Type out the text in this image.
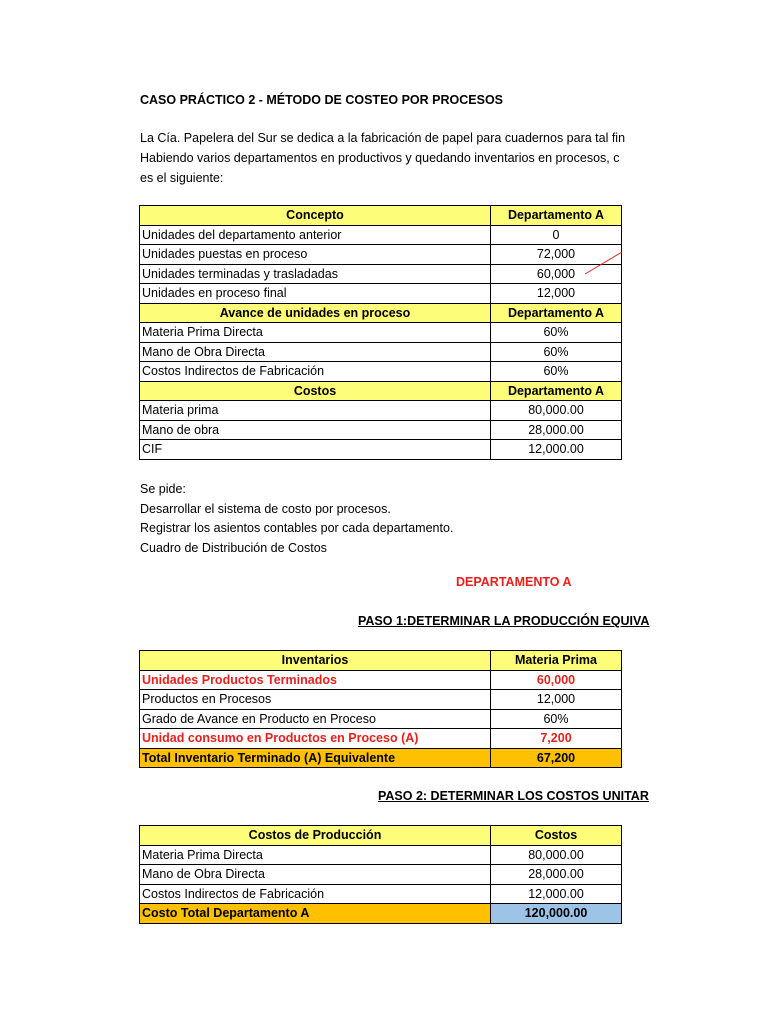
CASO PRÁCTICO 2 - MÉTODO DE COSTEO POR PROCESOS
La Cía. Papelera del Sur se dedica a la fabricación de papel para cuadernos para tal fin
Habiendo varios departamentos en productivos y quedando inventarios en procesos, c
es el siguiente:
Concepto	Departamento A
Unidades del departamento anterior	0
Unidades puestas en proceso	72,000
Unidades terminadas y trasladadas	60,000
Unidades en proceso final	12,000
Avance de unidades en proceso	Departamento A
Materia Prima Directa	60%
Mano de Obra Directa	60%
Costos Indirectos de Fabricación	60%
Costos	Departamento A
Materia prima	80,000.00
Mano de obra	28,000.00
CIF	12,000.00
Se pide:
Desarrollar el sistema de costo por procesos.
Registrar los asientos contables por cada departamento.
Cuadro de Distribución de Costos
DEPARTAMENTO A
PASO 1:DETERMINAR LA PRODUCCIÓN EQUIVA
Inventarios	Materia Prima
Unidades Productos Terminados	60,000
Productos en Procesos	12,000
Grado de Avance en Producto en Proceso	60%
Unidad consumo en Productos en Proceso (A)	7,200
Total Inventario Terminado (A) Equivalente	67,200
PASO 2: DETERMINAR LOS COSTOS UNITAR
Costos de Producción	Costos
Materia Prima Directa	80,000.00
Mano de Obra Directa	28,000.00
Costos Indirectos de Fabricación	12,000.00
Costo Total Departamento A	120,000.00
